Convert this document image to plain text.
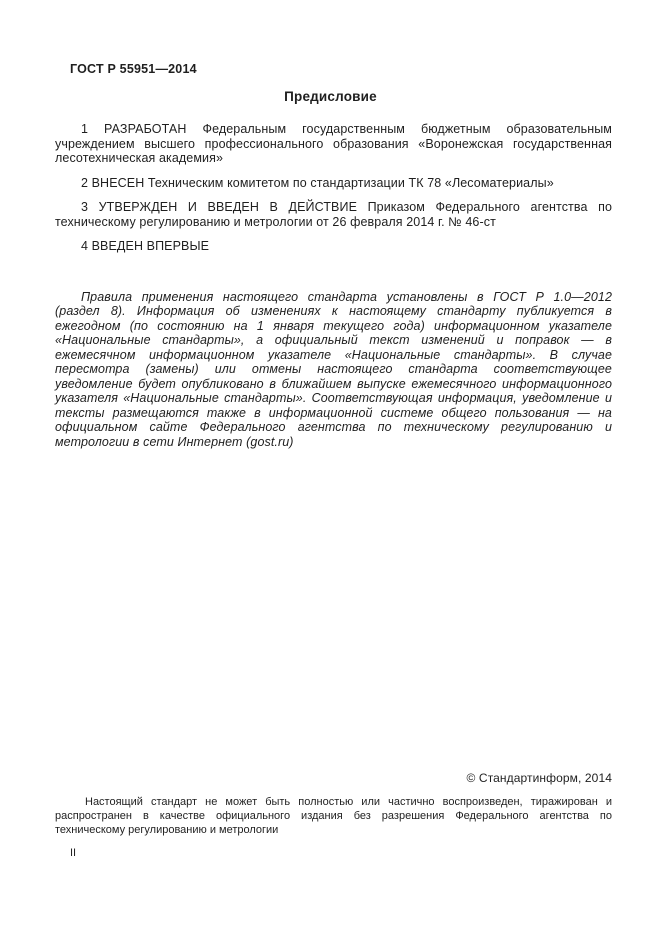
ГОСТ Р 55951—2014
Предисловие

1 РАЗРАБОТАН Федеральным государственным бюджетным образовательным учреждением высшего профессионального образования «Воронежская государственная лесотехническая академия»

2 ВНЕСЕН Техническим комитетом по стандартизации ТК 78 «Лесоматериалы»

3 УТВЕРЖДЕН И ВВЕДЕН В ДЕЙСТВИЕ Приказом Федерального агентства по техническому регулированию и метрологии от 26 февраля 2014 г. № 46-ст

4 ВВЕДЕН ВПЕРВЫЕ

Правила применения настоящего стандарта установлены в ГОСТ Р 1.0—2012 (раздел 8). Информация об изменениях к настоящему стандарту публикуется в ежегодном (по состоянию на 1 января текущего года) информационном указателе «Национальные стандарты», а официальный текст изменений и поправок — в ежемесячном информационном указателе «Национальные стандарты». В случае пересмотра (замены) или отмены настоящего стандарта соответствующее уведомление будет опубликовано в ближайшем выпуске ежемесячного информационного указателя «Национальные стандарты». Соответствующая информация, уведомление и тексты размещаются также в информационной системе общего пользования — на официальном сайте Федерального агентства по техническому регулированию и метрологии в сети Интернет (gost.ru)

© Стандартинформ, 2014

Настоящий стандарт не может быть полностью или частично воспроизведен, тиражирован и распространен в качестве официального издания без разрешения Федерального агентства по техническому регулированию и метрологии

II
